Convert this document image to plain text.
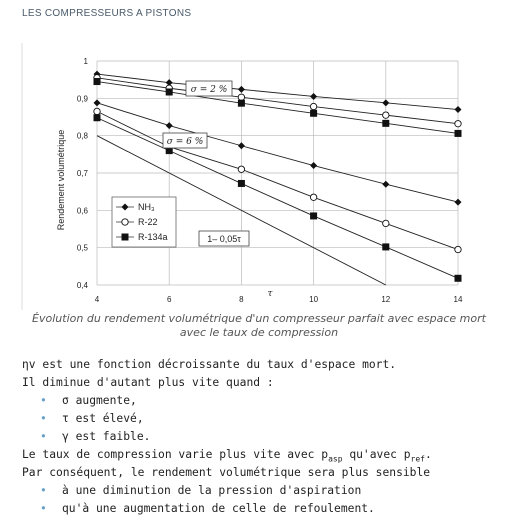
LES COMPRESSEURS A PISTONS
4	6	8	10	12	14
0,4
0,5
0,6
0,7
0,8
0,9
1
Rendement volumétrique
τ
σ = 2 %
σ = 6 %
1– 0,05τ
NH₃
R-22
R-134a
Évolution du rendement volumétrique d'un compresseur parfait avec espace mort
avec le taux de compression
ηv est une fonction décroissante du taux d'espace mort.
Il diminue d'autant plus vite quand :
• σ augmente,
• τ est élevé,
• γ est faible.
Le taux de compression varie plus vite avec $p_{asp}$ qu'avec $p_{ref}$.
Par conséquent, le rendement volumétrique sera plus sensible
• à une diminution de la pression d'aspiration
• qu'à une augmentation de celle de refoulement.
